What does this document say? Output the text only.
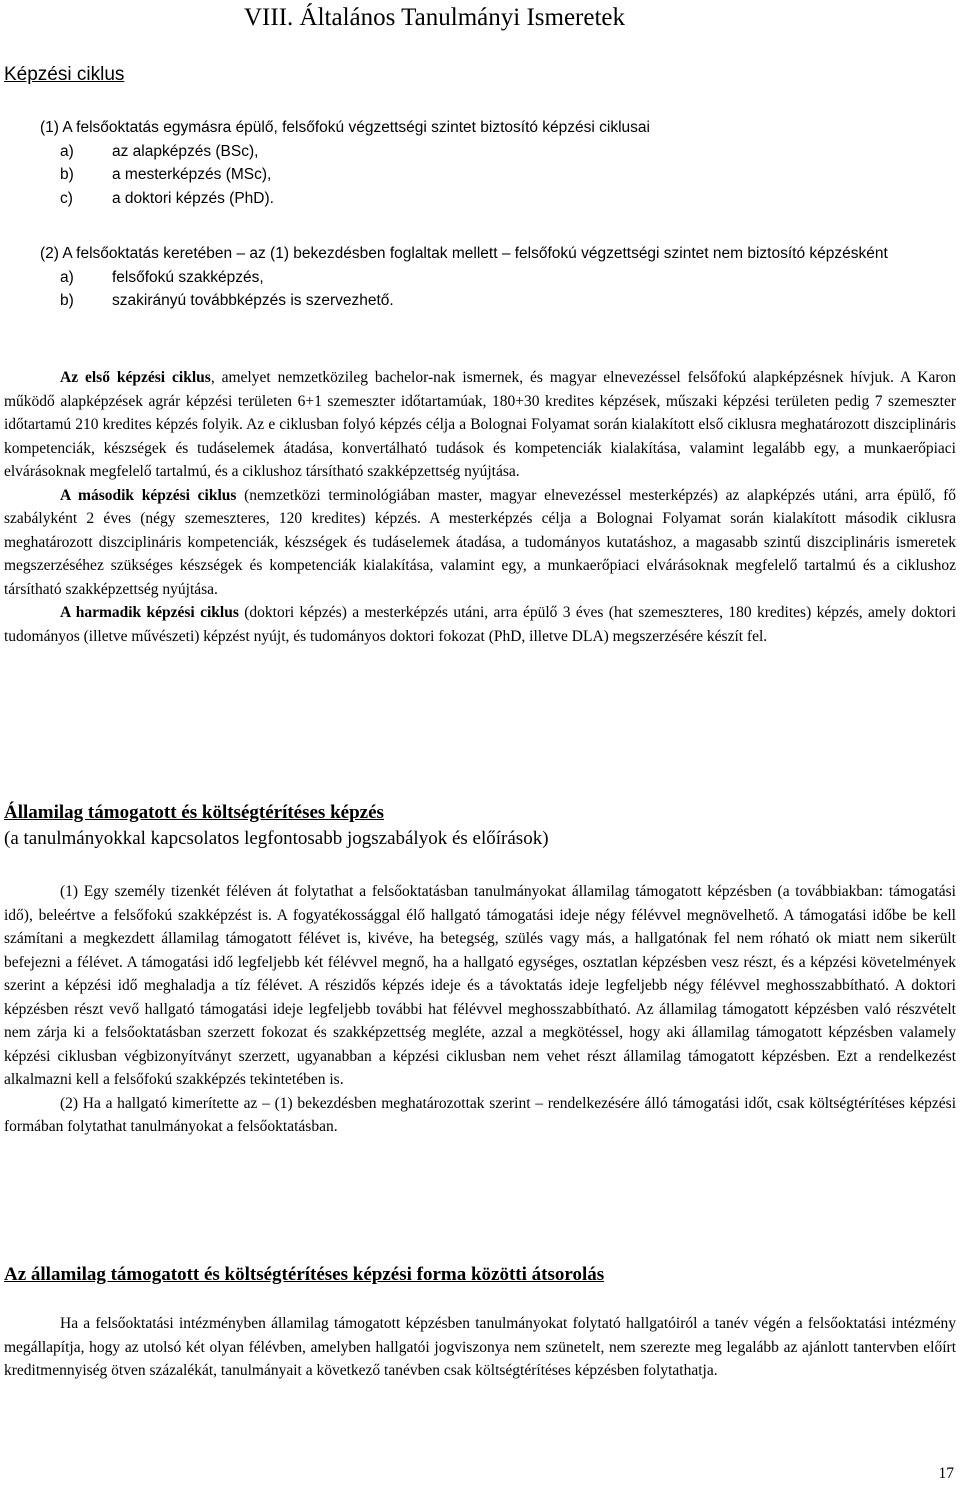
VIII. Általános Tanulmányi Ismeretek
Képzési ciklus

(1) A felsőoktatás egymásra épülő, felsőfokú végzettségi szintet biztosító képzési ciklusai

a)	az alapképzés (BSc),
b)	a mesterképzés (MSc),
c)	a doktori képzés (PhD).

(2) A felsőoktatás keretében – az (1) bekezdésben foglaltak mellett – felsőfokú végzettségi szintet nem biztosító képzésként

a)	felsőfokú szakképzés,
b)	szakirányú továbbképzés is szervezhető.

Az első képzési ciklus, amelyet nemzetközileg bachelor-nak ismernek, és magyar elnevezéssel felsőfokú alapképzésnek hívjuk. A Karon működő alapképzések agrár képzési területen 6+1 szemeszter időtartamúak, 180+30 kredites képzések, műszaki képzési területen pedig 7 szemeszter időtartamú 210 kredites képzés folyik. Az e ciklusban folyó képzés célja a Bolognai Folyamat során kialakított első ciklusra meghatározott diszciplináris kompetenciák, készségek és tudáselemek átadása, konvertálható tudások és kompetenciák kialakítása, valamint legalább egy, a munkaerőpiaci elvárásoknak megfelelő tartalmú, és a ciklushoz társítható szakképzettség nyújtása.

A második képzési ciklus (nemzetközi terminológiában master, magyar elnevezéssel mesterképzés) az alapképzés utáni, arra épülő, fő szabályként 2 éves (négy szemeszteres, 120 kredites) képzés. A mesterképzés célja a Bolognai Folyamat során kialakított második ciklusra meghatározott diszciplináris kompetenciák, készségek és tudáselemek átadása, a tudományos kutatáshoz, a magasabb szintű diszciplináris ismeretek megszerzéséhez szükséges készségek és kompetenciák kialakítása, valamint egy, a munkaerőpiaci elvárásoknak megfelelő tartalmú és a ciklushoz társítható szakképzettség nyújtása.

A harmadik képzési ciklus (doktori képzés) a mesterképzés utáni, arra épülő 3 éves (hat szemeszteres, 180 kredites) képzés, amely doktori tudományos (illetve művészeti) képzést nyújt, és tudományos doktori fokozat (PhD, illetve DLA) megszerzésére készít fel.

Államilag támogatott és költségtérítéses képzés
(a tanulmányokkal kapcsolatos legfontosabb jogszabályok és előírások)

(1) Egy személy tizenkét féléven át folytathat a felsőoktatásban tanulmányokat államilag támogatott képzésben (a továbbiakban: támogatási idő), beleértve a felsőfokú szakképzést is. A fogyatékossággal élő hallgató támogatási ideje négy félévvel megnövelhető. A támogatási időbe be kell számítani a megkezdett államilag támogatott félévet is, kivéve, ha betegség, szülés vagy más, a hallgatónak fel nem róható ok miatt nem sikerült befejezni a félévet. A támogatási idő legfeljebb két félévvel megnő, ha a hallgató egységes, osztatlan képzésben vesz részt, és a képzési követelmények szerint a képzési idő meghaladja a tíz félévet. A részidős képzés ideje és a távoktatás ideje legfeljebb négy félévvel meghosszabbítható. A doktori képzésben részt vevő hallgató támogatási ideje legfeljebb további hat félévvel meghosszabbítható. Az államilag támogatott képzésben való részvételt nem zárja ki a felsőoktatásban szerzett fokozat és szakképzettség megléte, azzal a megkötéssel, hogy aki államilag támogatott képzésben valamely képzési ciklusban végbizonyítványt szerzett, ugyanabban a képzési ciklusban nem vehet részt államilag támogatott képzésben. Ezt a rendelkezést alkalmazni kell a felsőfokú szakképzés tekintetében is.

(2) Ha a hallgató kimerítette az – (1) bekezdésben meghatározottak szerint – rendelkezésére álló támogatási időt, csak költségtérítéses képzési formában folytathat tanulmányokat a felsőoktatásban.

Az államilag támogatott és költségtérítéses képzési forma közötti átsorolás

Ha a felsőoktatási intézményben államilag támogatott képzésben tanulmányokat folytató hallgatóiról a tanév végén a felsőoktatási intézmény megállapítja, hogy az utolsó két olyan félévben, amelyben hallgatói jogviszonya nem szünetelt, nem szerezte meg legalább az ajánlott tantervben előírt kreditmennyiség ötven százalékát, tanulmányait a következő tanévben csak költségtérítéses képzésben folytathatja.

17
